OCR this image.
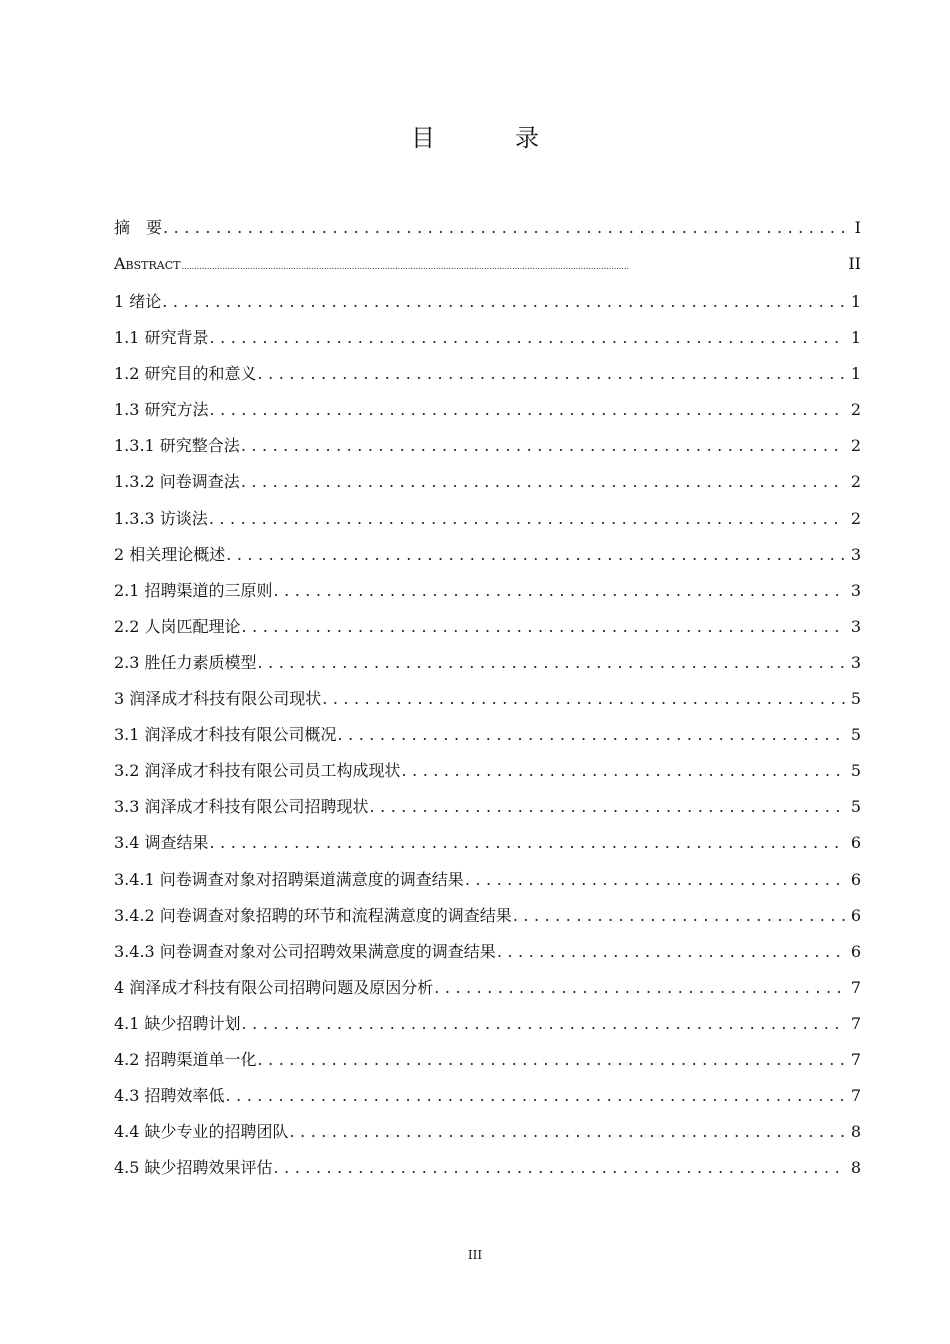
目　录
摘　要 .....	I
Abstract .....	II
1 绪论 .....	1
1.1 研究背景 .....	1
1.2 研究目的和意义 .....	1
1.3 研究方法 .....	2
1.3.1 研究整合法 .....	2
1.3.2 问卷调查法 .....	2
1.3.3 访谈法 .....	2
2 相关理论概述 .....	3
2.1 招聘渠道的三原则 .....	3
2.2 人岗匹配理论 .....	3
2.3 胜任力素质模型 .....	3
3 润泽成才科技有限公司现状 .....	5
3.1 润泽成才科技有限公司概况 .....	5
3.2 润泽成才科技有限公司员工构成现状 .....	5
3.3 润泽成才科技有限公司招聘现状 .....	5
3.4 调查结果 .....	6
3.4.1 问卷调查对象对招聘渠道满意度的调查结果 .....	6
3.4.2 问卷调查对象招聘的环节和流程满意度的调查结果 .....	6
3.4.3 问卷调查对象对公司招聘效果满意度的调查结果 .....	6
4 润泽成才科技有限公司招聘问题及原因分析 .....	7
4.1 缺少招聘计划 .....	7
4.2 招聘渠道单一化 .....	7
4.3 招聘效率低 .....	7
4.4 缺少专业的招聘团队 .....	8
4.5 缺少招聘效果评估 .....	8
III
